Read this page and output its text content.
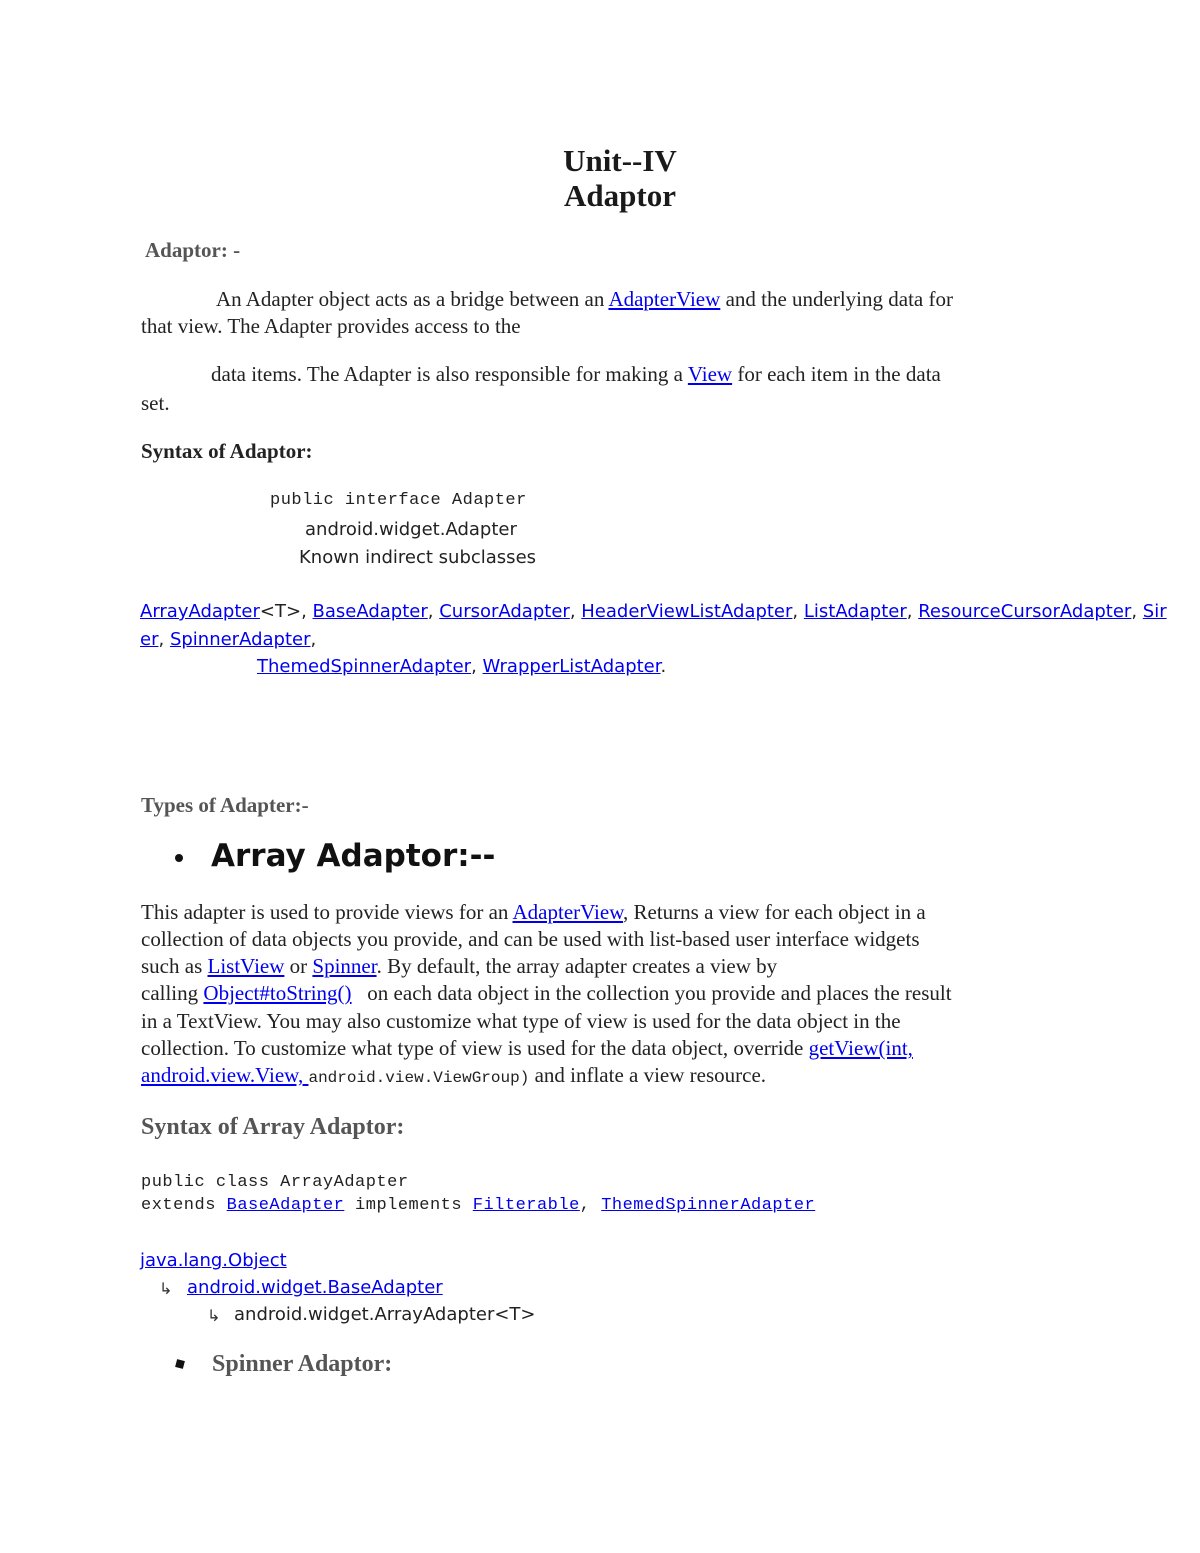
Unit--IV
Adaptor
Adaptor: -
An Adapter object acts as a bridge between an AdapterView and the underlying data for
that view. The Adapter provides access to the
data items. The Adapter is also responsible for making a View for each item in the data
set.
Syntax of Adaptor:
public interface Adapter
android.widget.Adapter
Known indirect subclasses
ArrayAdapter<T>, BaseAdapter, CursorAdapter, HeaderViewListAdapter, ListAdapter, ResourceCursorAdapter, Sir
er, SpinnerAdapter,
ThemedSpinnerAdapter, WrapperListAdapter.
Types of Adapter:-
Array Adaptor:--
This adapter is used to provide views for an AdapterView, Returns a view for each object in a
collection of data objects you provide, and can be used with list-based user interface widgets
such as ListView or Spinner. By default, the array adapter creates a view by
calling Object#toString()   on each data object in the collection you provide and places the result
in a TextView. You may also customize what type of view is used for the data object in the
collection. To customize what type of view is used for the data object, override getView(int,
android.view.View, android.view.ViewGroup) and inflate a view resource.
Syntax of Array Adaptor:
public class ArrayAdapter
extends BaseAdapter implements Filterable, ThemedSpinnerAdapter
java.lang.Object
↳ android.widget.BaseAdapter
↳ android.widget.ArrayAdapter<T>
Spinner Adaptor:
